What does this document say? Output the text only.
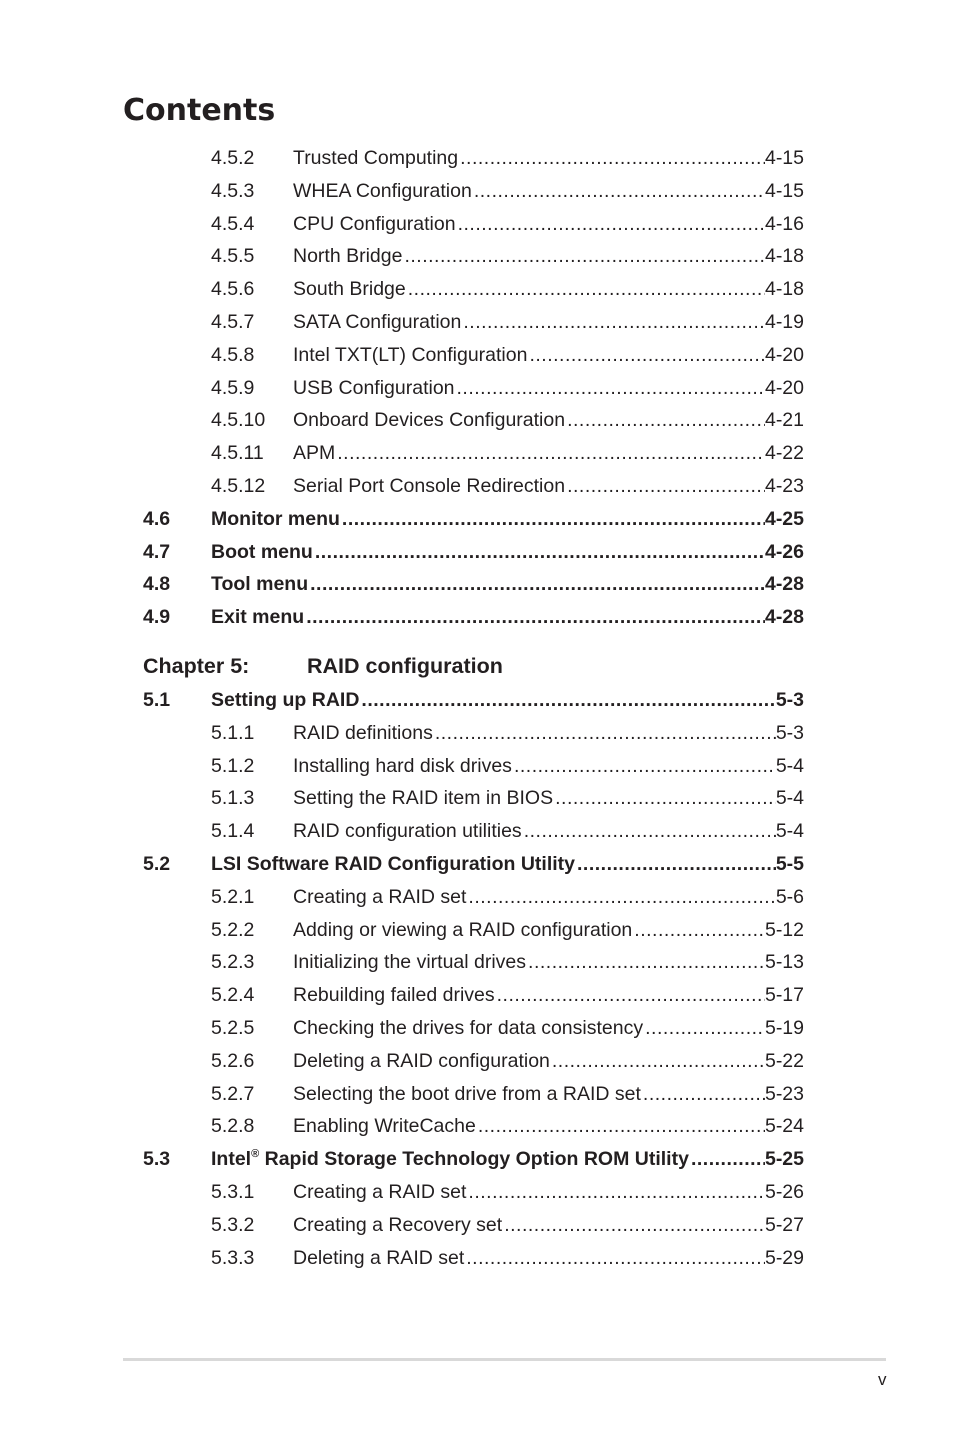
Contents
4.5.2 Trusted Computing .....	4-15
4.5.3 WHEA Configuration .....	4-15
4.5.4 CPU Configuration .....	4-16
4.5.5 North Bridge .....	4-18
4.5.6 South Bridge .....	4-18
4.5.7 SATA Configuration .....	4-19
4.5.8 Intel TXT(LT) Configuration .....	4-20
4.5.9 USB Configuration .....	4-20
4.5.10 Onboard Devices Configuration .....	4-21
4.5.11 APM .....	4-22
4.5.12 Serial Port Console Redirection .....	4-23
4.6 Monitor menu .....	4-25
4.7 Boot menu .....	4-26
4.8 Tool menu .....	4-28
4.9 Exit menu .....	4-28
Chapter 5:	RAID configuration
5.1 Setting up RAID .....	5-3
5.1.1 RAID definitions .....	5-3
5.1.2 Installing hard disk drives .....	5-4
5.1.3 Setting the RAID item in BIOS .....	5-4
5.1.4 RAID configuration utilities .....	5-4
5.2 LSI Software RAID Configuration Utility .....	5-5
5.2.1 Creating a RAID set .....	5-6
5.2.2 Adding or viewing a RAID configuration .....	5-12
5.2.3 Initializing the virtual drives .....	5-13
5.2.4 Rebuilding failed drives .....	5-17
5.2.5 Checking the drives for data consistency .....	5-19
5.2.6 Deleting a RAID configuration .....	5-22
5.2.7 Selecting the boot drive from a RAID set .....	5-23
5.2.8 Enabling WriteCache .....	5-24
5.3 Intel® Rapid Storage Technology Option ROM Utility .....	5-25
5.3.1 Creating a RAID set .....	5-26
5.3.2 Creating a Recovery set .....	5-27
5.3.3 Deleting a RAID set .....	5-29
v
